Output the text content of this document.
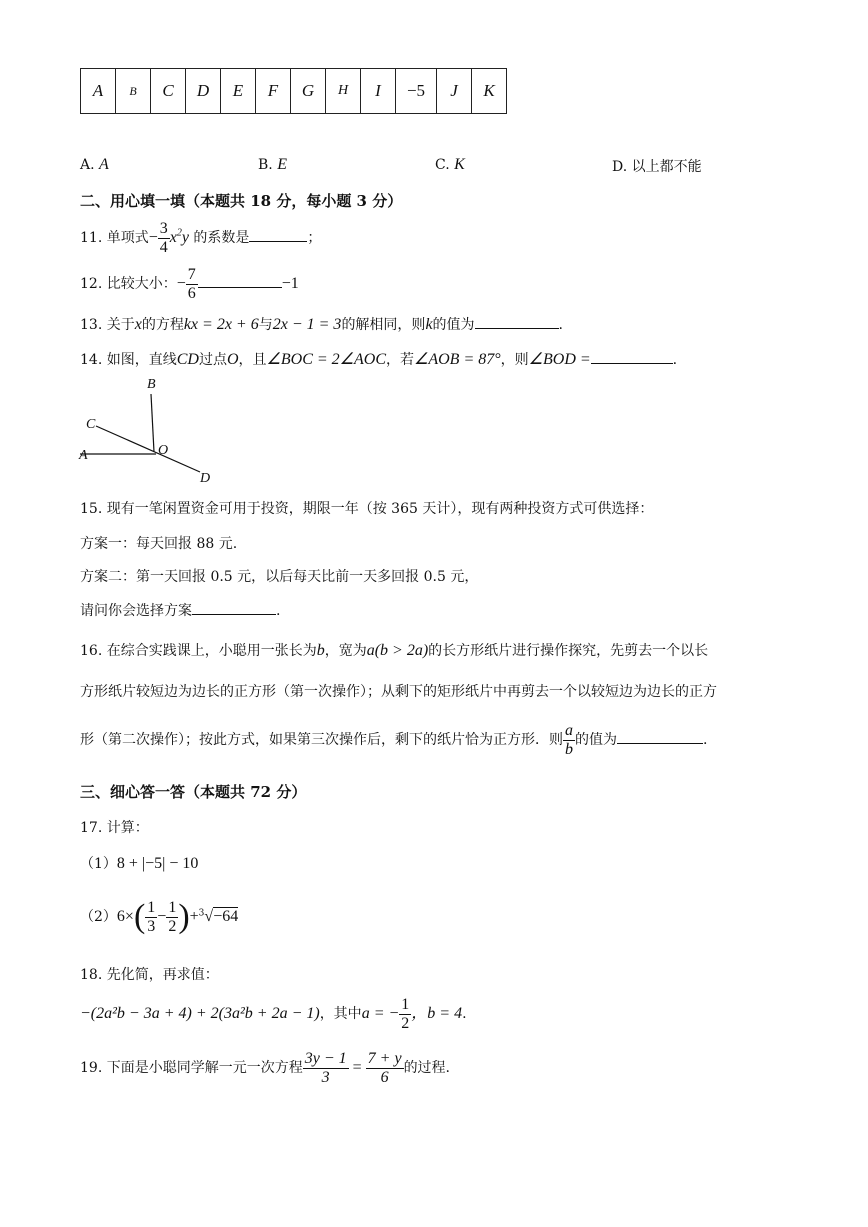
A	B	C	D	E	F	G	H	I	−5	J	K
A. A	B. E	C. K	D. 以上都不能
二、用心填一填（本题共 18 分，每小题 3 分）
11. 单项式− $\frac{3}{4} x^2y$ 的系数是	；
12. 比较大小：− $\frac{7}{6}$	−1
13. 关于x的方程kx = 2x + 6与2x − 1 = 3的解相同，则k的值为	.
14. 如图，直线CD过点O，且∠BOC = 2∠AOC，若∠AOB = 87°，则∠BOD =	.
B
C
A	O
D
15. 现有一笔闲置资金可用于投资，期限一年（按 365 天计），现有两种投资方式可供选择：
方案一：每天回报 88 元.
方案二：第一天回报 0.5 元，以后每天比前一天多回报 0.5 元，
请问你会选择方案	.
16. 在综合实践课上，小聪用一张长为b，宽为a(b > 2a)的长方形纸片进行操作探究，先剪去一个以长
方形纸片较短边为边长的正方形（第一次操作）；从剩下的矩形纸片中再剪去一个以较短边为边长的正方
形（第二次操作）；按此方式，如果第三次操作后，剩下的纸片恰为正方形．则 $\frac{a}{b}$ 的值为	.
三、细心答一答（本题共 72 分）
17. 计算：
（1）8 + |−5| − 10
$(2)6\times( \frac{1}{3} - \frac{1}{2} )+^3√-64$
18. 先化简，再求值：
−(2a²b − 3a + 4) + 2(3a²b + 2a − 1)，其中a = − $\frac{1}{2}$ ，b = 4.
19. 下面是小聪同学解一元一次方程 $\frac{3y - 1}{3} = \frac{7 + y}{6}$ 的过程.
